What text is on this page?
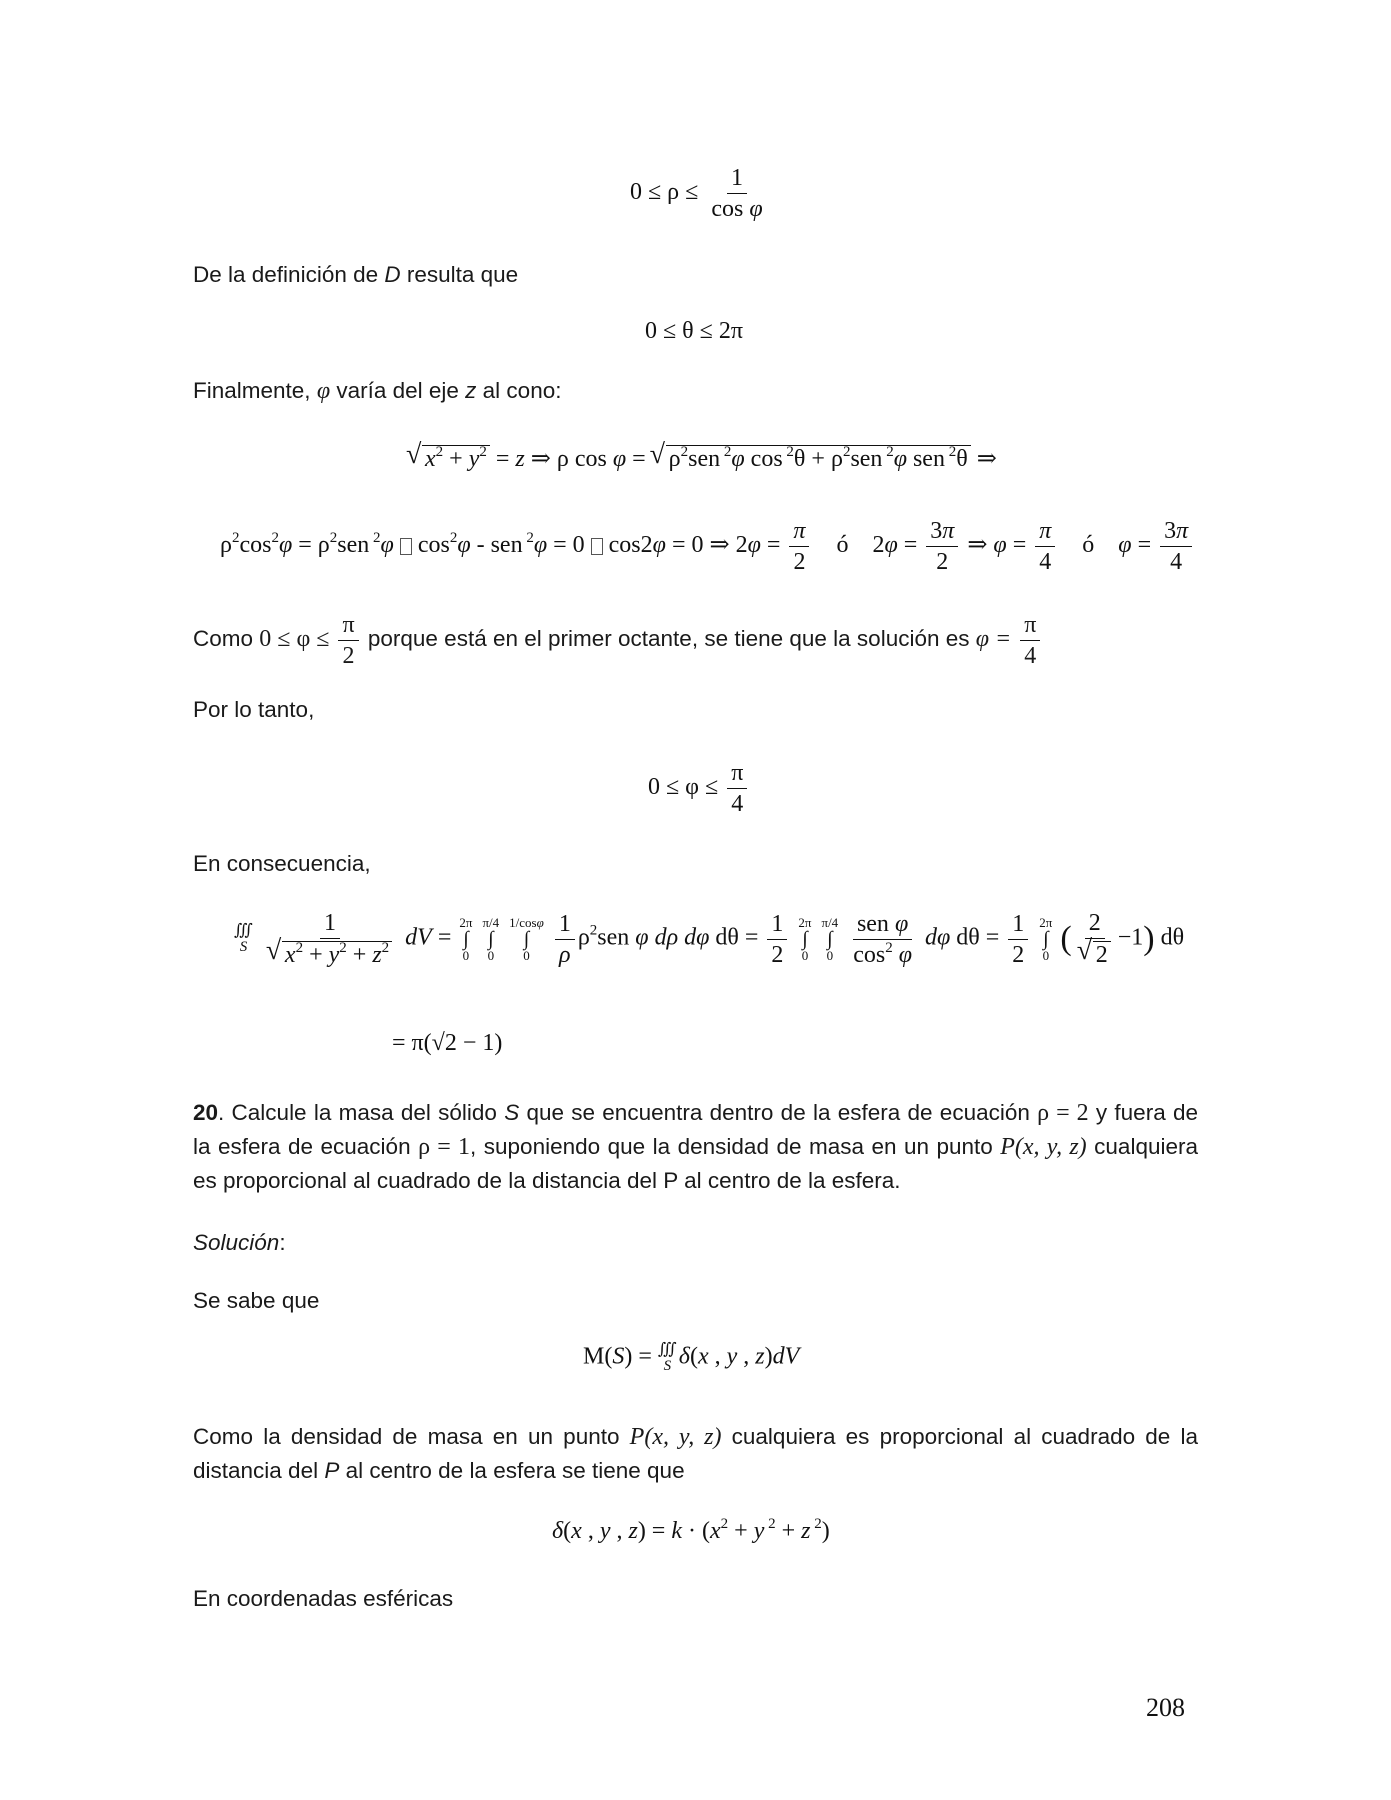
$0 \le \rho \le \frac{1}{\text{cos φ}}$
De la definición de D resulta que
0 ≤ θ ≤ 2π
Finalmente, φ varía del eje z al cono:
√ $x^2 + y^2 = z$ ⇒ ρ cos φ = √ $\rho^2sen$ $^2$φ $\cos ^2\theta + \rho^2sen$ $^2$φ sen $^2$θ ⇒
$\rho^2\cos^2\varphi = \rho^2sen$ $^2$φ $\cos^2\varphi$ - sen $^2$φ = 0 cos2φ = 0 ⇒ $2\varphi = \frac{\pi}{2}$ ó    $2\varphi = \frac{3\pi}{2}$ ⇒ $\varphi = \frac{\pi}{4}$ ó    $\varphi = \frac{3\pi}{4}$
Como $0 \le \varphi \le \frac{\pi}{2}$ porque está en el primer octante, se tiene que la solución es $\varphi = \frac{\pi}{4}$
Por lo tanto,
$0 \le \varphi \le \frac{\pi}{4}$
En consecuencia,
∭
S
1
√ $x^2 + y^2 + z^2$ dV =
2π
∫
0

π/4
∫
0

1/cosφ
∫
0
$\frac{1}{\rho} \rho^2sen$ φ dρ dφ $d\theta = \frac{1}{2}$
2π
∫
0

π/4
∫
0
$\frac{\text{sen φ}}{\cos^2 \varphi}$ dφ $d\theta = \frac{1}{2}$
2π
∫
0 ( 2
√ 2 −1) dθ
= π(√2 − 1)
20. Calcule la masa del sólido S que se encuentra dentro de la esfera de ecuación ρ = 2 y fuera de la esfera de ecuación ρ = 1, suponiendo que la densidad de masa en un punto P(x, y, z) cualquiera es proporcional al cuadrado de la distancia del P al centro de la esfera.
Solución:
Se sabe que
M(S) = ∭
S δ(x , y , z)dV
Como la densidad de masa en un punto P(x, y, z) cualquiera es proporcional al cuadrado de la distancia del P al centro de la esfera se tiene que
δ(x , y , $z) = k \cdot (x^2 + y$ $^2$ + z $^2$)
En coordenadas esféricas
208
